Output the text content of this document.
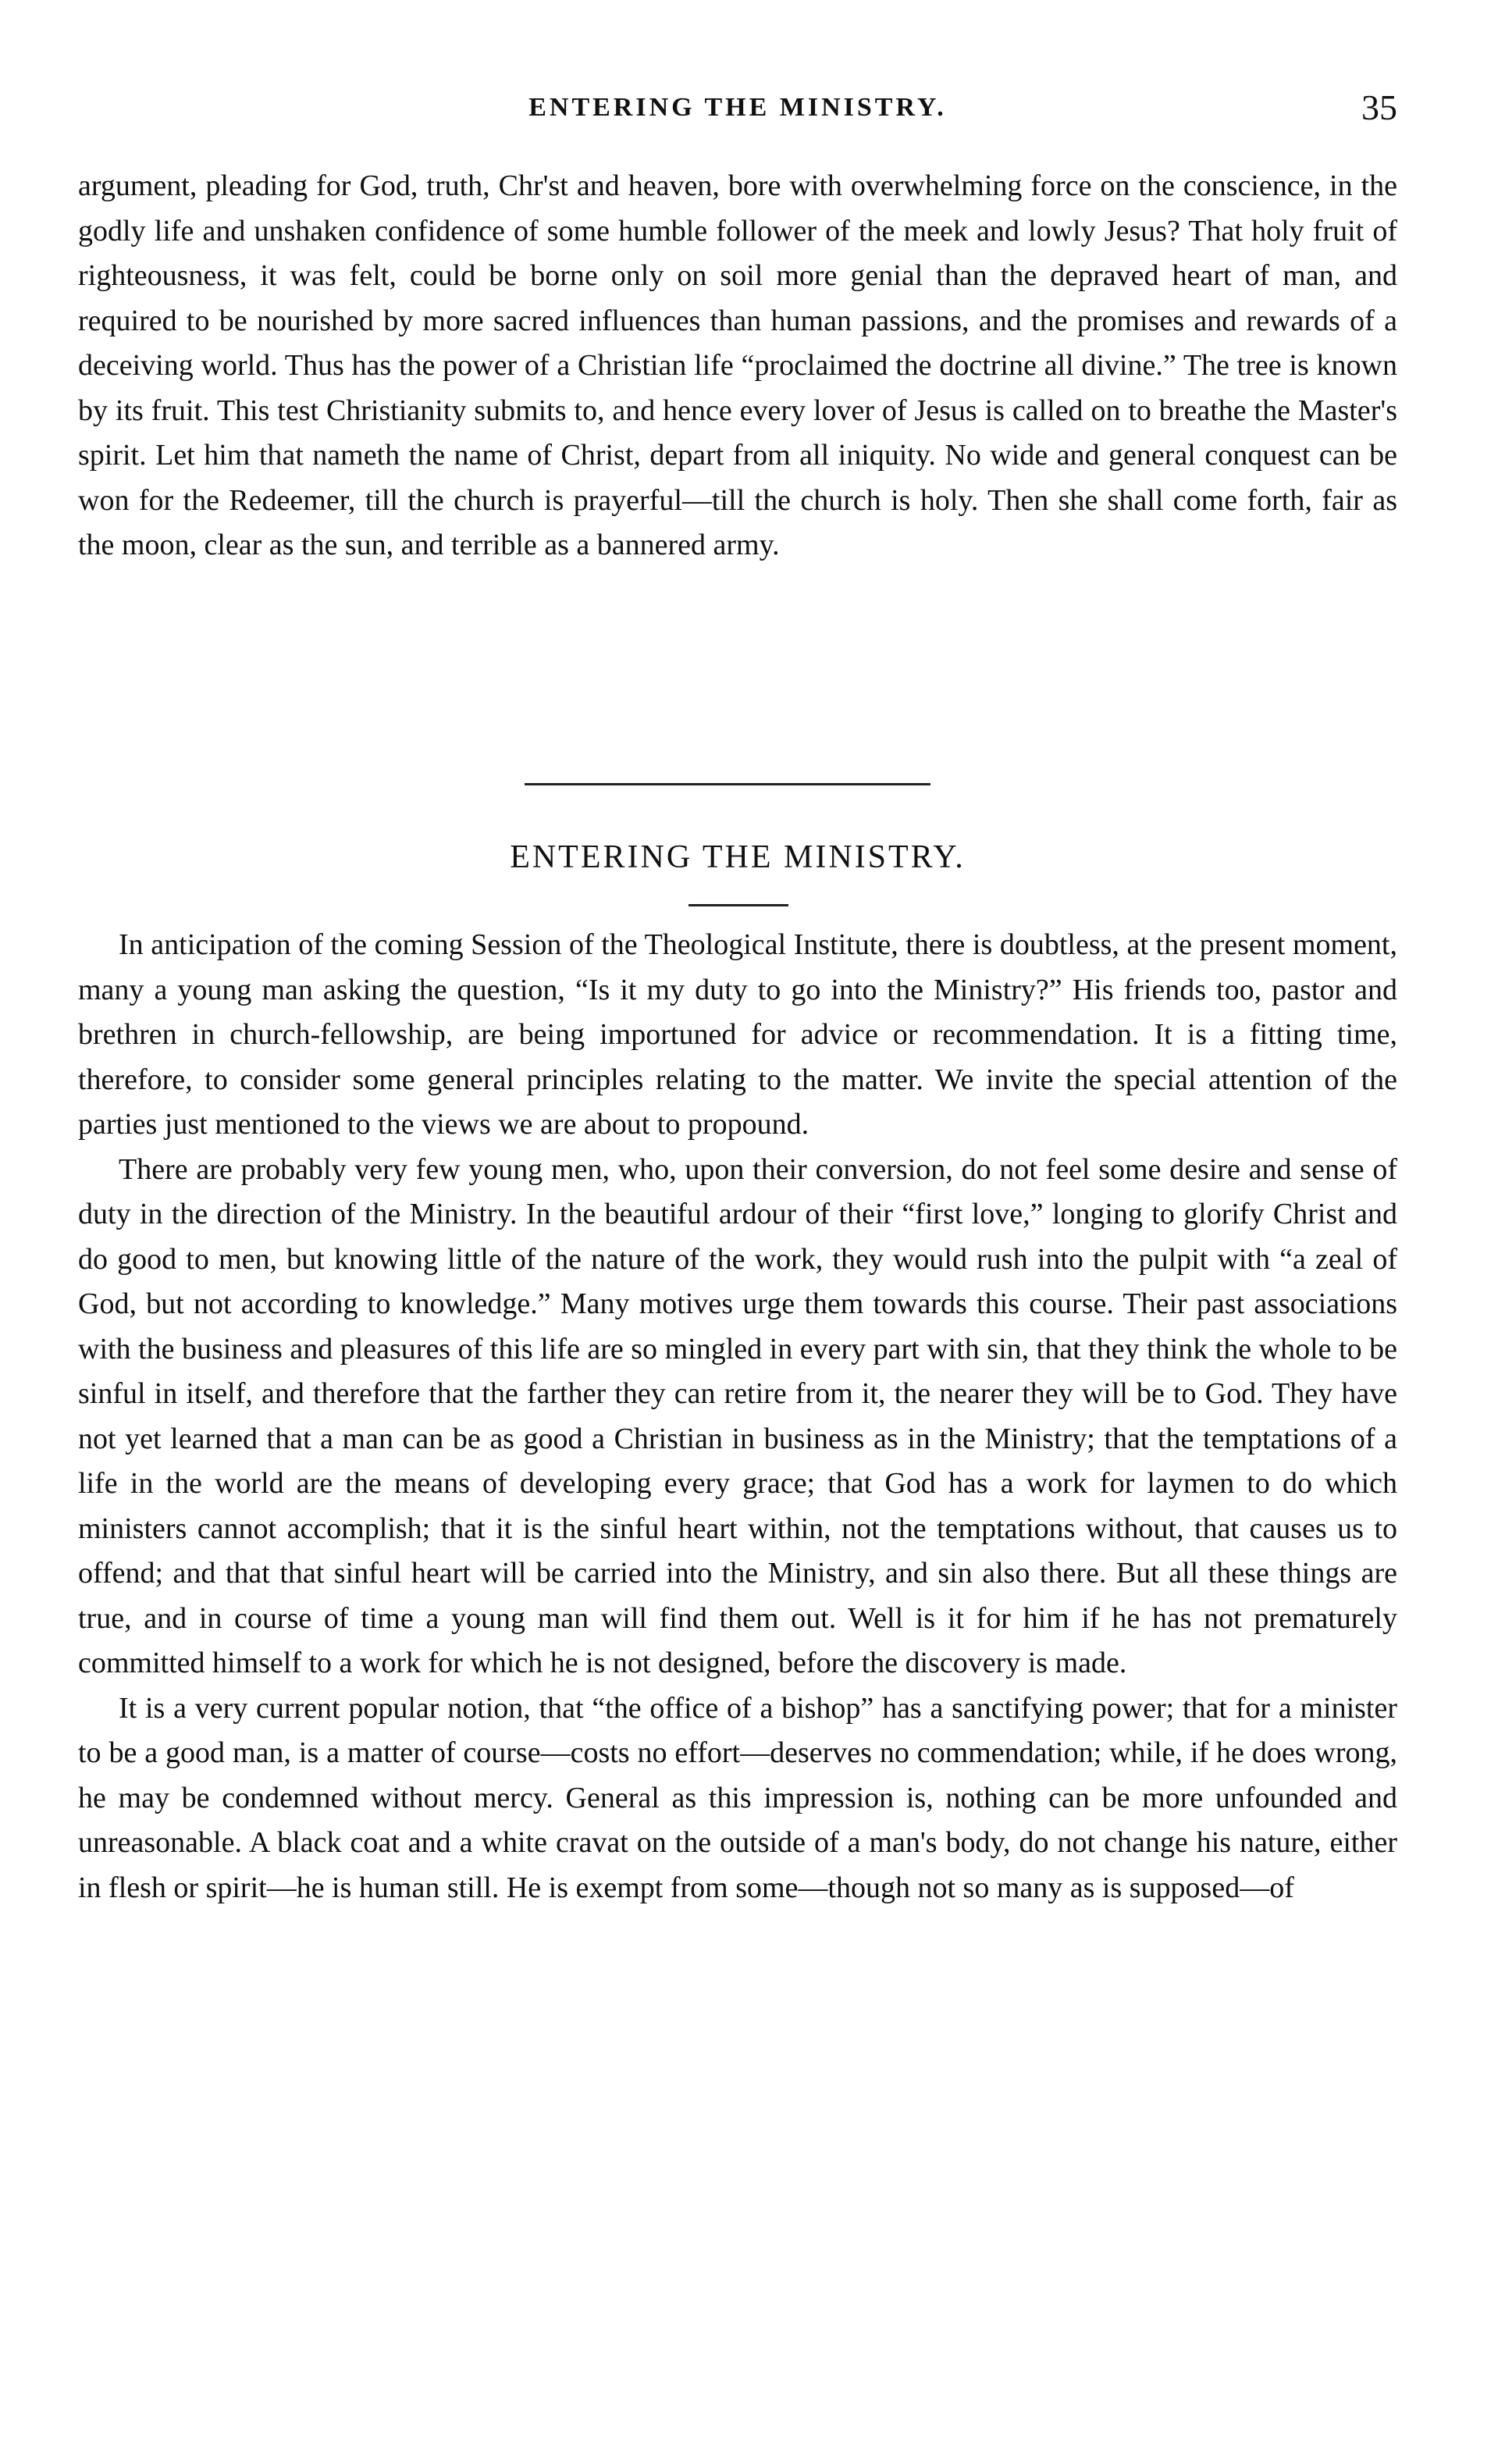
ENTERING THE MINISTRY.	35

argument, pleading for God, truth, Chr'st and heaven, bore with overwhelming force on the conscience, in the godly life and unshaken confidence of some humble follower of the meek and lowly Jesus? That holy fruit of righteousness, it was felt, could be borne only on soil more genial than the depraved heart of man, and required to be nourished by more sacred influences than human passions, and the promises and rewards of a deceiving world. Thus has the power of a Christian life “proclaimed the doctrine all divine.” The tree is known by its fruit. This test Christianity submits to, and hence every lover of Jesus is called on to breathe the Master's spirit. Let him that nameth the name of Christ, depart from all iniquity. No wide and general conquest can be won for the Redeemer, till the church is prayerful—till the church is holy. Then she shall come forth, fair as the moon, clear as the sun, and terrible as a bannered army.

ENTERING THE MINISTRY.

In anticipation of the coming Session of the Theological Institute, there is doubtless, at the present moment, many a young man asking the question, “Is it my duty to go into the Ministry?” His friends too, pastor and brethren in church-fellowship, are being importuned for advice or recommendation. It is a fitting time, therefore, to consider some general principles relating to the matter. We invite the special attention of the parties just mentioned to the views we are about to propound.

There are probably very few young men, who, upon their conversion, do not feel some desire and sense of duty in the direction of the Ministry. In the beautiful ardour of their “first love,” longing to glorify Christ and do good to men, but knowing little of the nature of the work, they would rush into the pulpit with “a zeal of God, but not according to knowledge.” Many motives urge them towards this course. Their past associations with the business and pleasures of this life are so mingled in every part with sin, that they think the whole to be sinful in itself, and therefore that the farther they can retire from it, the nearer they will be to God. They have not yet learned that a man can be as good a Christian in business as in the Ministry; that the temptations of a life in the world are the means of developing every grace; that God has a work for laymen to do which ministers cannot accomplish; that it is the sinful heart within, not the temptations without, that causes us to offend; and that that sinful heart will be carried into the Ministry, and sin also there. But all these things are true, and in course of time a young man will find them out. Well is it for him if he has not prematurely committed himself to a work for which he is not designed, before the discovery is made.

It is a very current popular notion, that “the office of a bishop” has a sanctifying power; that for a minister to be a good man, is a matter of course—costs no effort—deserves no commendation; while, if he does wrong, he may be condemned without mercy. General as this impression is, nothing can be more unfounded and unreasonable. A black coat and a white cravat on the outside of a man's body, do not change his nature, either in flesh or spirit—he is human still. He is exempt from some—though not so many as is supposed—of
